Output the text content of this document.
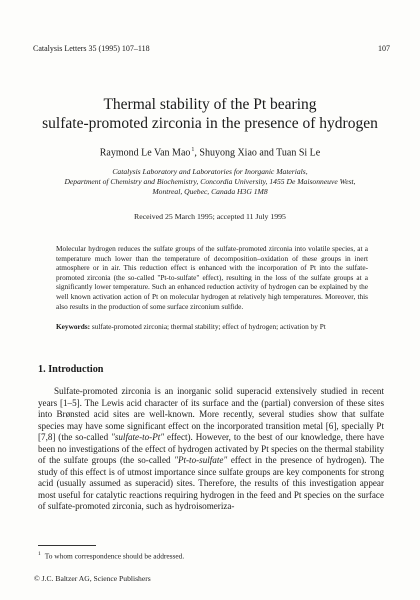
Catalysis Letters 35 (1995) 107–118	107
Thermal stability of the Pt bearing
sulfate-promoted zirconia in the presence of hydrogen
Raymond Le Van Mao$^1$, Shuyong Xiao and Tuan Si Le
Catalysis Laboratory and Laboratories for Inorganic Materials,
Department of Chemistry and Biochemistry, Concordia University, 1455 De Maisonneuve West,
Montreal, Quebec, Canada H3G 1M8
Received 25 March 1995; accepted 11 July 1995
Molecular hydrogen reduces the sulfate groups of the sulfate-promoted zirconia into volatile species, at a temperature much lower than the temperature of decomposition–oxidation of these groups in inert atmosphere or in air. This reduction effect is enhanced with the incorporation of Pt into the sulfate-promoted zirconia (the so-called "Pt-to-sulfate" effect), resulting in the loss of the sulfate groups at a significantly lower temperature. Such an enhanced reduction activity of hydrogen can be explained by the well known activation action of Pt on molecular hydrogen at relatively high temperatures. Moreover, this also results in the production of some surface zirconium sulfide.
Keywords: sulfate-promoted zirconia; thermal stability; effect of hydrogen; activation by Pt
1. Introduction
Sulfate-promoted zirconia is an inorganic solid superacid extensively studied in recent years [1–5]. The Lewis acid character of its surface and the (partial) conversion of these sites into Brønsted acid sites are well-known. More recently, several studies show that sulfate species may have some significant effect on the incorporated transition metal [6], specially Pt [7,8] (the so-called "sulfate-to-Pt" effect). However, to the best of our knowledge, there have been no investigations of the effect of hydrogen activated by Pt species on the thermal stability of the sulfate groups (the so-called "Pt-to-sulfate" effect in the presence of hydrogen). The study of this effect is of utmost importance since sulfate groups are key components for strong acid (usually assumed as superacid) sites. Therefore, the results of this investigation appear most useful for catalytic reactions requiring hydrogen in the feed and Pt species on the surface of sulfate-promoted zirconia, such as hydroisomeriza-
$^1$ To whom correspondence should be addressed.
© J.C. Baltzer AG, Science Publishers
